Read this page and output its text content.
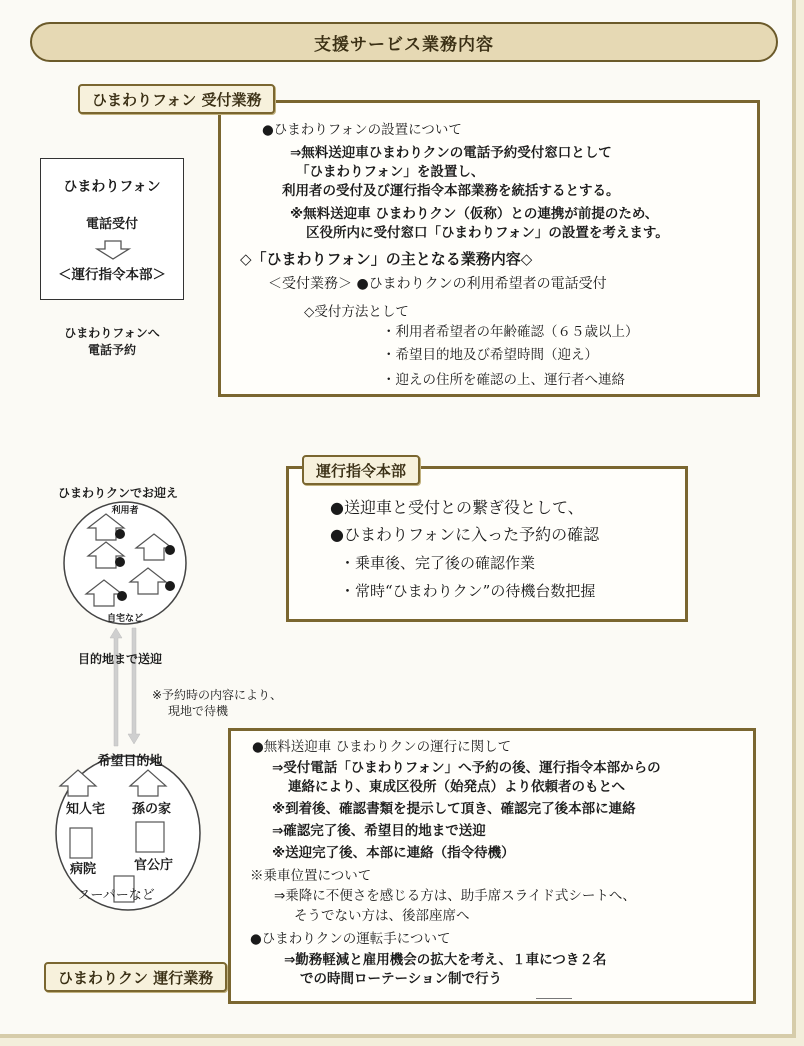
支援サービス業務内容
ひまわりフォン 受付業務
●ひまわりフォンの設置について
⇒無料送迎車ひまわりクンの電話予約受付窓口として
「ひまわりフォン」を設置し、
利用者の受付及び運行指令本部業務を統括するとする。
※無料送迎車 ひまわりクン（仮称）との連携が前提のため、
区役所内に受付窓口「ひまわりフォン」の設置を考えます。
◇「ひまわりフォン」の主となる業務内容◇
＜受付業務＞ ●ひまわりクンの利用希望者の電話受付
◇受付方法として
・利用者希望者の年齢確認（６５歳以上）
・希望目的地及び希望時間（迎え）
・迎えの住所を確認の上、運行者へ連絡
ひまわりフォン
電話受付
＜運行指令本部＞
ひまわりフォンへ
電話予約
運行指令本部
●送迎車と受付との繋ぎ役として、
●ひまわりフォンに入った予約の確認
・乗車後、完了後の確認作業
・常時“ひまわりクン”の待機台数把握
ひまわりクンでお迎え
利用者
自宅など
目的地まで送迎
※予約時の内容により、
現地で待機
希望目的地
知人宅 孫の家
病院	官公庁
スーパーなど
ひまわりクン 運行業務
●無料送迎車 ひまわりクンの運行に関して
⇒受付電話「ひまわりフォン」へ予約の後、運行指令本部からの
連絡により、東成区役所（始発点）より依頼者のもとへ
※到着後、確認書類を提示して頂き、確認完了後本部に連絡
⇒確認完了後、希望目的地まで送迎
※送迎完了後、本部に連絡（指令待機）
※乗車位置について
⇒乗降に不便さを感じる方は、助手席スライド式シートへ、
そうでない方は、後部座席へ
●ひまわりクンの運転手について
⇒勤務軽減と雇用機会の拡大を考え、１車につき２名
での時間ローテーション制で行う
